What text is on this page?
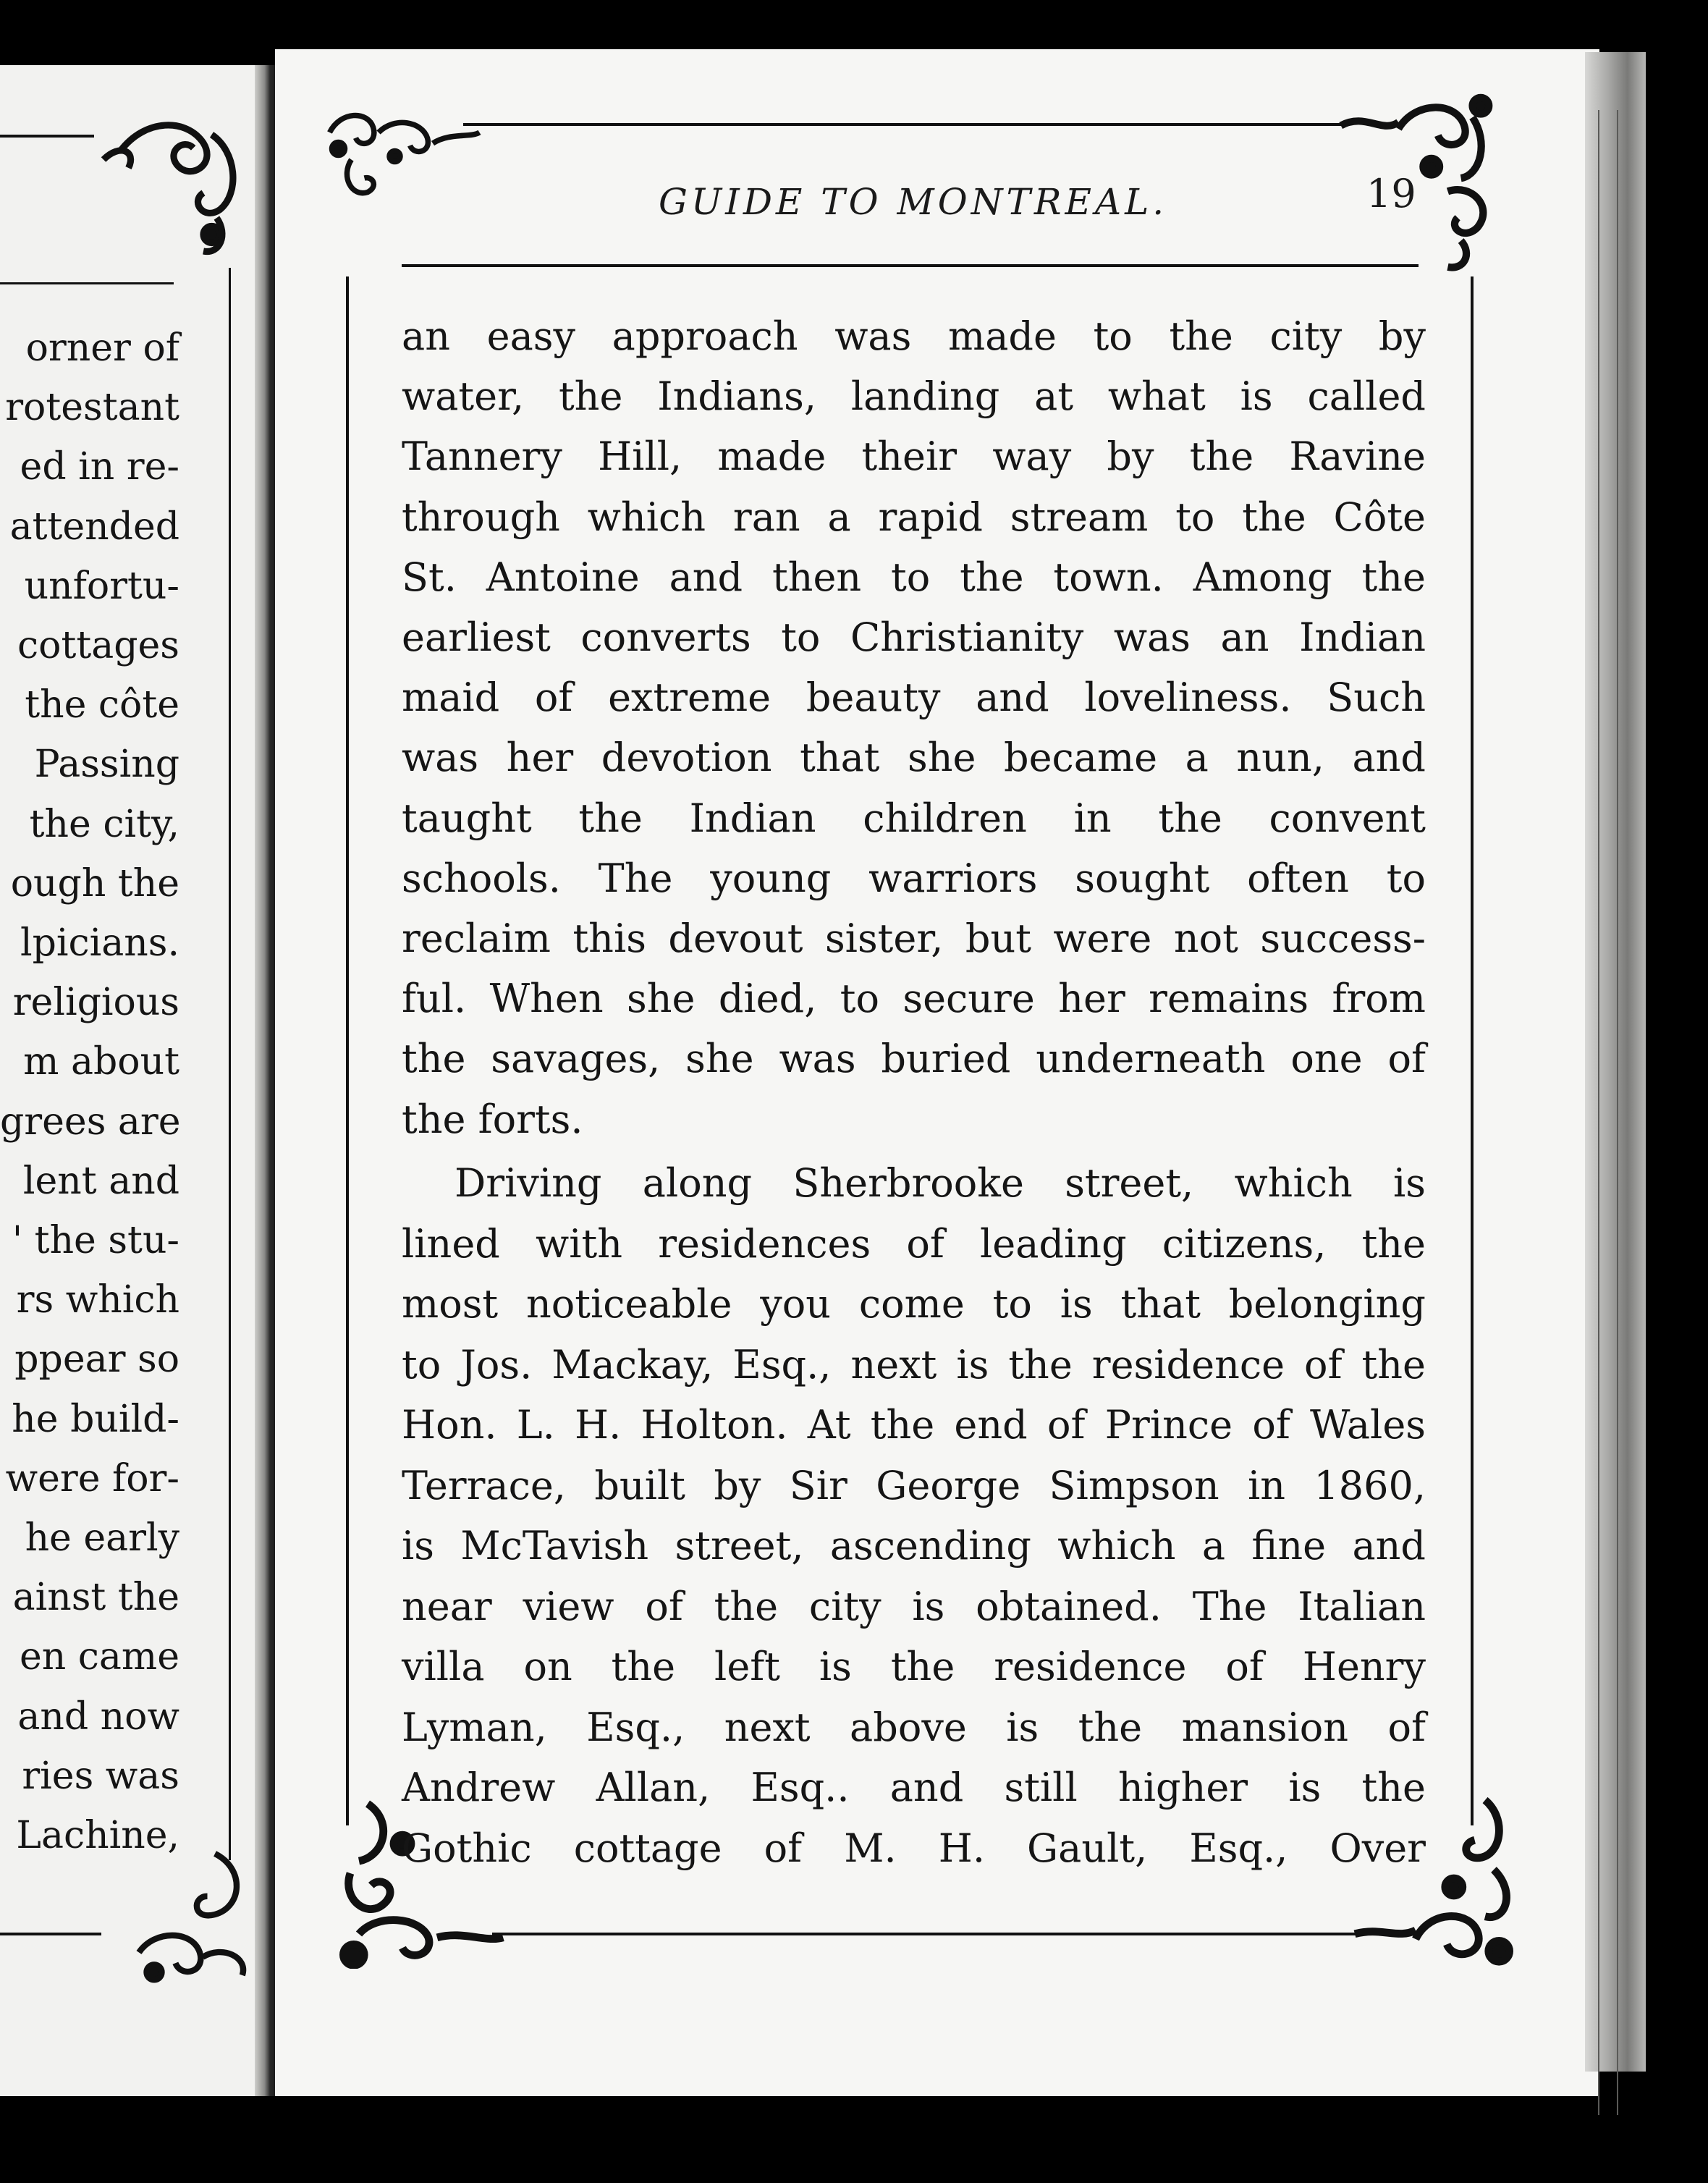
orner of
rotestant
ed in re-
attended
unfortu-
cottages
the côte
Passing
the city,
ough the
lpicians.
religious
m about
grees are
lent and
' the stu-
rs which
ppear so
he build-
were for-
he early
ainst the
en came
and now
ries was
Lachine,
GUIDE TO MONTREAL.	19
an easy approach was made to the city by
water, the Indians, landing at what is called
Tannery Hill, made their way by the Ravine
through which ran a rapid stream to the Côte
St. Antoine and then to the town. Among the
earliest converts to Christianity was an Indian
maid of extreme beauty and loveliness. Such
was her devotion that she became a nun, and
taught the Indian children in the convent
schools. The young warriors sought often to
reclaim this devout sister, but were not success-
ful. When she died, to secure her remains from
the savages, she was buried underneath one of
the forts.
Driving along Sherbrooke street, which is
lined with residences of leading citizens, the
most noticeable you come to is that belonging
to Jos. Mackay, Esq., next is the residence of the
Hon. L. H. Holton. At the end of Prince of Wales
Terrace, built by Sir George Simpson in 1860,
is McTavish street, ascending which a fine and
near view of the city is obtained. The Italian
villa on the left is the residence of Henry
Lyman, Esq., next above is the mansion of
Andrew Allan, Esq.. and still higher is the
Gothic cottage of M. H. Gault, Esq., Over
